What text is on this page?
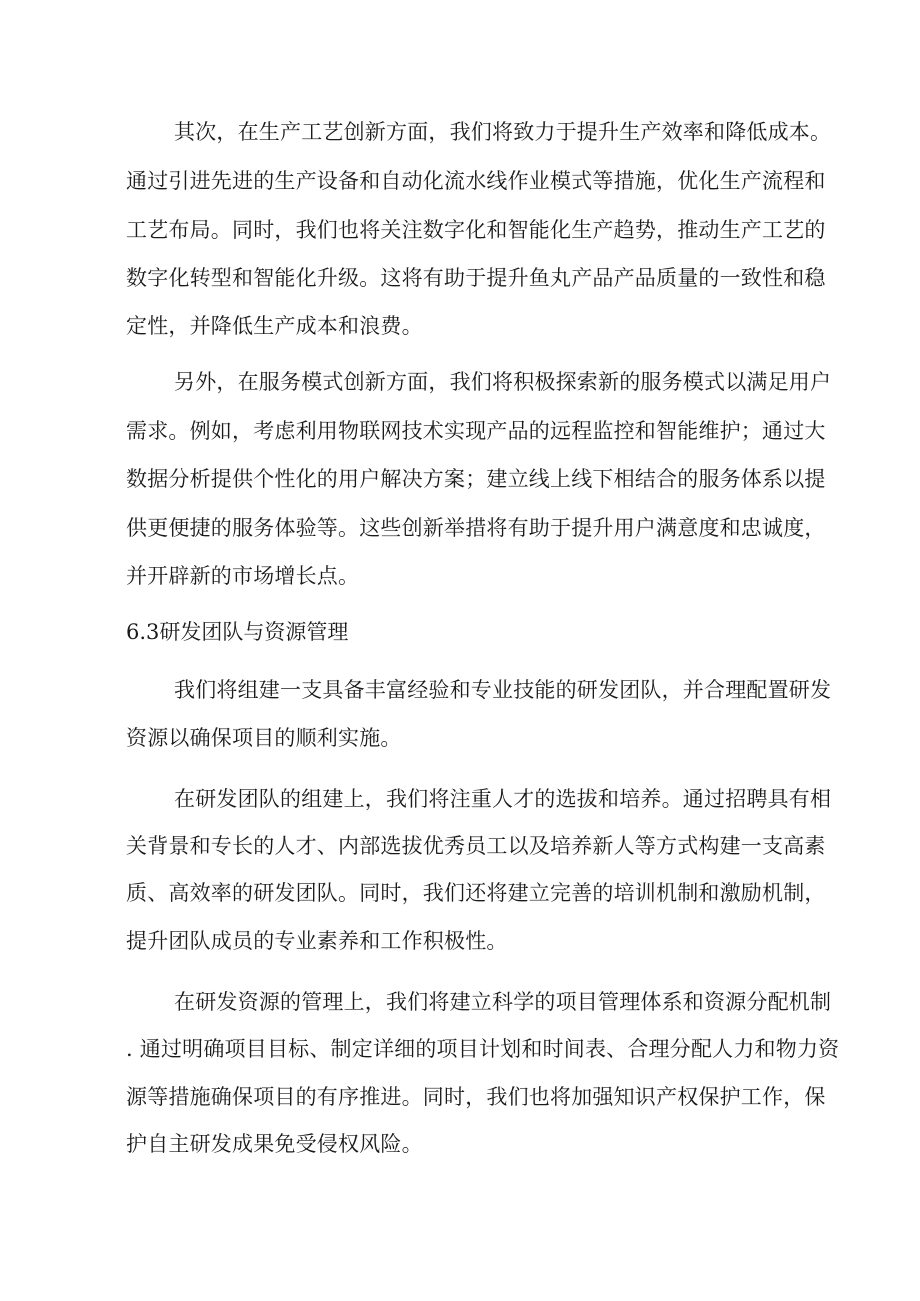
其次，在生产工艺创新方面，我们将致力于提升生产效率和降低成本。
通过引进先进的生产设备和自动化流水线作业模式等措施，优化生产流程和
工艺布局。同时，我们也将关注数字化和智能化生产趋势，推动生产工艺的
数字化转型和智能化升级。这将有助于提升鱼丸产品产品质量的一致性和稳
定性，并降低生产成本和浪费。
另外，在服务模式创新方面，我们将积极探索新的服务模式以满足用户
需求。例如，考虑利用物联网技术实现产品的远程监控和智能维护；通过大
数据分析提供个性化的用户解决方案；建立线上线下相结合的服务体系以提
供更便捷的服务体验等。这些创新举措将有助于提升用户满意度和忠诚度，
并开辟新的市场增长点。
6.3研发团队与资源管理
我们将组建一支具备丰富经验和专业技能的研发团队，并合理配置研发
资源以确保项目的顺利实施。
在研发团队的组建上，我们将注重人才的选拔和培养。通过招聘具有相
关背景和专长的人才、内部选拔优秀员工以及培养新人等方式构建一支高素
质、高效率的研发团队。同时，我们还将建立完善的培训机制和激励机制，
提升团队成员的专业素养和工作积极性。
在研发资源的管理上，我们将建立科学的项目管理体系和资源分配机制
. 通过明确项目目标、制定详细的项目计划和时间表、合理分配人力和物力资
源等措施确保项目的有序推进。同时，我们也将加强知识产权保护工作，保
护自主研发成果免受侵权风险。
